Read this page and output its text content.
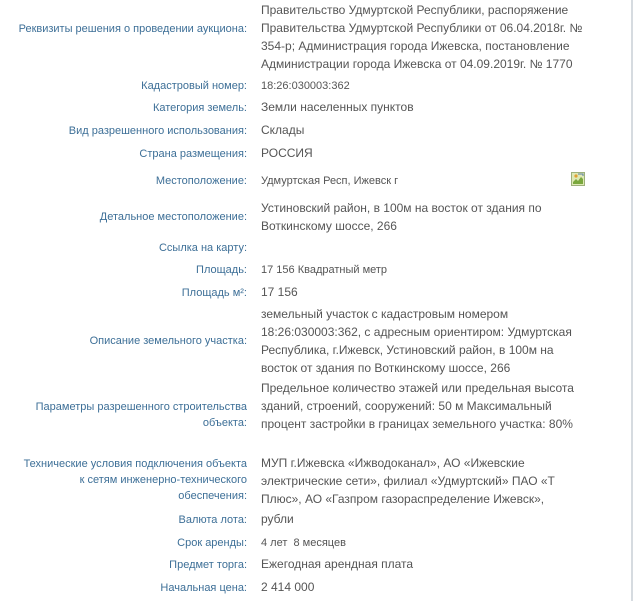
Реквизиты решения о проведении аукциона:
Правительство Удмуртской Республики, распоряжение Правительства Удмуртской Республики от 06.04.2018г. № 354-р; Администрация города Ижевска, постановление Администрации города Ижевска от 04.09.2019г. № 1770
Кадастровый номер: 18:26:030003:362
Категория земель: Земли населенных пунктов
Вид разрешенного использования: Склады
Страна размещения: РОССИЯ
Местоположение: Удмуртская Респ, Ижевск г
Детальное местоположение:
Устиновский район, в 100м на восток от здания по Воткинскому шоссе, 266
Ссылка на карту:
Площадь: 17 156 Квадратный метр
Площадь м²: 17 156
Описание земельного участка:
земельный участок с кадастровым номером 18:26:030003:362, с адресным ориентиром: Удмуртская Республика, г.Ижевск, Устиновский район, в 100м на восток от здания по Воткинскому шоссе, 266
Параметры разрешенного строительства объекта:
Предельное количество этажей или предельная высота зданий, строений, сооружений: 50 м Максимальный процент застройки в границах земельного участка: 80%
Технические условия подключения объекта к сетям инженерно-технического обеспечения:
МУП г.Ижевска «Ижводоканал», АО «Ижевские электрические сети», филиал «Удмуртский» ПАО «Т Плюс», АО «Газпром газораспределение Ижевск»,
Валюта лота: рубли
Срок аренды: 4 лет  8 месяцев
Предмет торга: Ежегодная арендная плата
Начальная цена: 2 414 000
